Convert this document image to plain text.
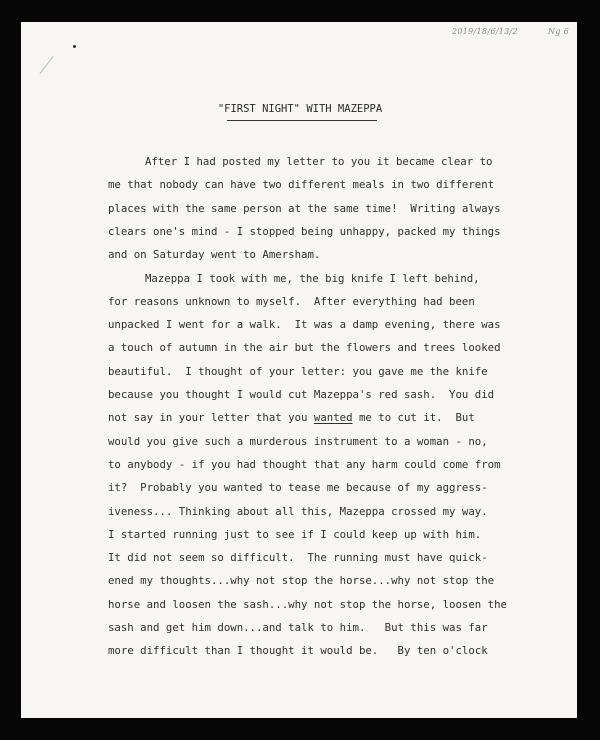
2019/18/6/13/2	Ng 6
"FIRST NIGHT" WITH MAZEPPA
After I had posted my letter to you it became clear to
me that nobody can have two different meals in two different
places with the same person at the same time!  Writing always
clears one's mind - I stopped being unhappy, packed my things
and on Saturday went to Amersham.
Mazeppa I took with me, the big knife I left behind,
for reasons unknown to myself.  After everything had been
unpacked I went for a walk.  It was a damp evening, there was
a touch of autumn in the air but the flowers and trees looked
beautiful.  I thought of your letter: you gave me the knife
because you thought I would cut Mazeppa's red sash.  You did
not say in your letter that you wanted me to cut it.  But
would you give such a murderous instrument to a woman - no,
to anybody - if you had thought that any harm could come from
it?  Probably you wanted to tease me because of my aggress-
iveness... Thinking about all this, Mazeppa crossed my way.
I started running just to see if I could keep up with him.
It did not seem so difficult.  The running must have quick-
ened my thoughts...why not stop the horse...why not stop the
horse and loosen the sash...why not stop the horse, loosen the
sash and get him down...and talk to him.   But this was far
more difficult than I thought it would be.   By ten o'clock
